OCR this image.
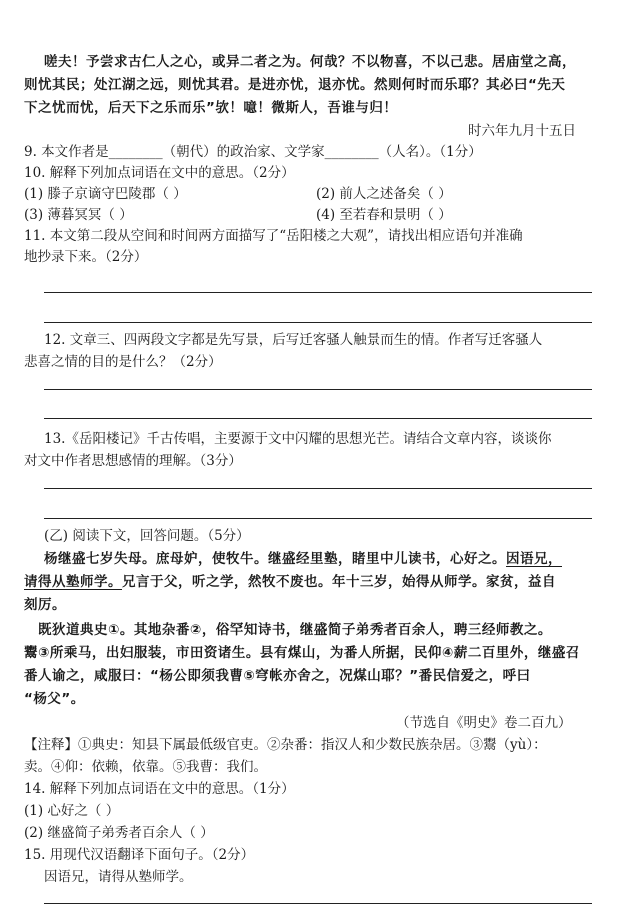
嗟夫！予尝求古仁人之心，或异二者之为。何哉？不以物喜，不以己悲。居庙堂之高，
则忧其民；处江湖之远，则忧其君。是进亦忧，退亦忧。然则何时而乐耶？其必曰“先天
下之忧而忧，后天下之乐而乐”欤！噫！微斯人，吾谁与归！
时六年九月十五日
9. 本文作者是________（朝代）的政治家、文学家________（人名）。（1分）
10. 解释下列加点词语在文中的意思。（2分）
(1) 滕子京谪守巴陵郡（ ）	(2) 前人之述备矣（ ）
(3) 薄暮冥冥（ ）	(4) 至若春和景明（ ）
11. 本文第二段从空间和时间两方面描写了“岳阳楼之大观”，请找出相应语句并准确
地抄录下来。（2分）
12. 文章三、四两段文字都是先写景，后写迁客骚人触景而生的情。作者写迁客骚人
悲喜之情的目的是什么？（2分）
13.《岳阳楼记》千古传唱，主要源于文中闪耀的思想光芒。请结合文章内容，谈谈你
对文中作者思想感情的理解。（3分）
(乙) 阅读下文，回答问题。（5分）
杨继盛七岁失母。庶母妒，使牧牛。继盛经里塾，睹里中儿读书，心好之。因语兄，
请得从塾师学。兄言于父，听之学，然牧不废也。年十三岁，始得从师学。家贫，益自
刻厉。
既狄道典史①。其地杂番②，俗罕知诗书，继盛简子弟秀者百余人，聘三经师教之。
鬻③所乘马，出妇服装，市田资诸生。县有煤山，为番人所据，民仰④薪二百里外，继盛召
番人谕之，咸服曰：“杨公即须我曹⑤穹帐亦舍之，况煤山耶？”番民信爱之，呼曰
“杨父”。
（节选自《明史》卷二百九）
【注释】①典史：知县下属最低级官吏。②杂番：指汉人和少数民族杂居。③鬻（yù）：
卖。④仰：依赖，依靠。⑤我曹：我们。
14. 解释下列加点词语在文中的意思。（1分）
(1) 心好之（ ）
(2) 继盛简子弟秀者百余人（ ）
15. 用现代汉语翻译下面句子。（2分）
因语兄，请得从塾师学。
